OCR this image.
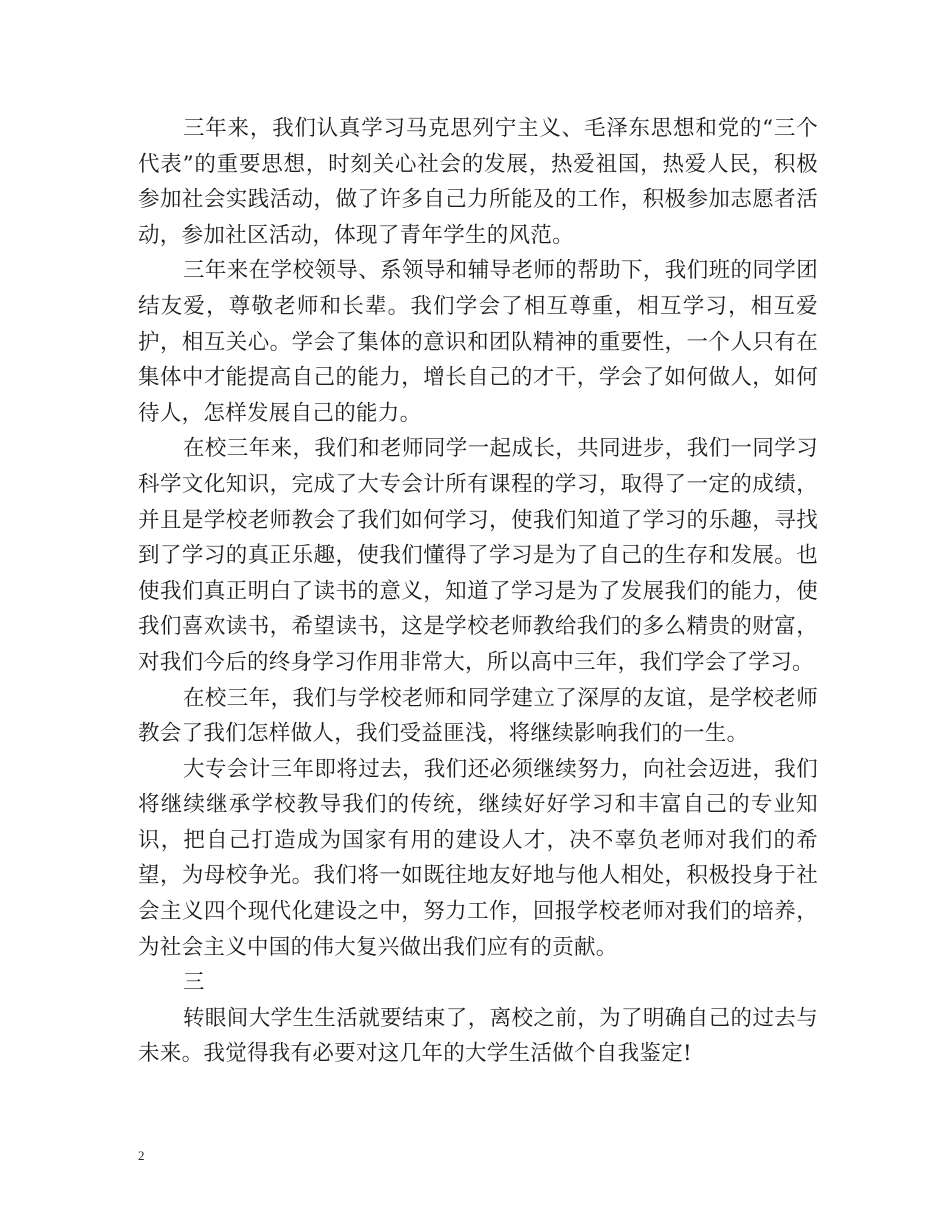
三年来，我们认真学习马克思列宁主义、毛泽东思想和党的“三个代表”的重要思想，时刻关心社会的发展，热爱祖国，热爱人民，积极参加社会实践活动，做了许多自己力所能及的工作，积极参加志愿者活动，参加社区活动，体现了青年学生的风范。

三年来在学校领导、系领导和辅导老师的帮助下，我们班的同学团结友爱，尊敬老师和长辈。我们学会了相互尊重，相互学习，相互爱护，相互关心。学会了集体的意识和团队精神的重要性，一个人只有在集体中才能提高自己的能力，增长自己的才干，学会了如何做人，如何待人，怎样发展自己的能力。

在校三年来，我们和老师同学一起成长，共同进步，我们一同学习科学文化知识，完成了大专会计所有课程的学习，取得了一定的成绩，并且是学校老师教会了我们如何学习，使我们知道了学习的乐趣，寻找到了学习的真正乐趣，使我们懂得了学习是为了自己的生存和发展。也使我们真正明白了读书的意义，知道了学习是为了发展我们的能力，使我们喜欢读书，希望读书，这是学校老师教给我们的多么精贵的财富，对我们今后的终身学习作用非常大，所以高中三年，我们学会了学习。

在校三年，我们与学校老师和同学建立了深厚的友谊，是学校老师教会了我们怎样做人，我们受益匪浅，将继续影响我们的一生。

大专会计三年即将过去，我们还必须继续努力，向社会迈进，我们将继续继承学校教导我们的传统，继续好好学习和丰富自己的专业知识，把自己打造成为国家有用的建设人才，决不辜负老师对我们的希望，为母校争光。我们将一如既往地友好地与他人相处，积极投身于社会主义四个现代化建设之中，努力工作，回报学校老师对我们的培养，为社会主义中国的伟大复兴做出我们应有的贡献。

三

转眼间大学生生活就要结束了，离校之前，为了明确自己的过去与未来。我觉得我有必要对这几年的大学生活做个自我鉴定!

2
